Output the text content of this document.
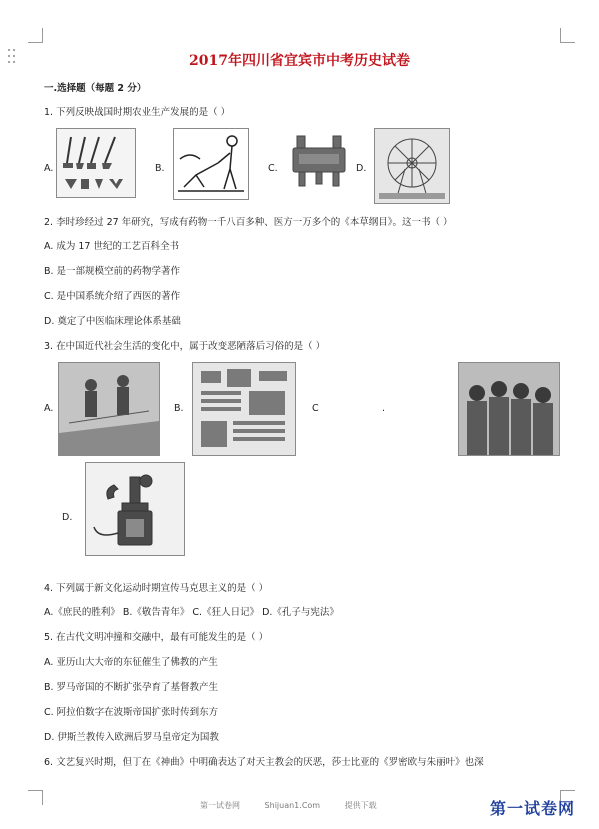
2017年四川省宜宾市中考历史试卷
一.选择题（每题 2 分）
1. 下列反映战国时期农业生产发展的是（ ）
A.	B.	C.	D.
2. 李时珍经过 27 年研究，写成有药物一千八百多种、医方一万多个的《本草纲目》。这一书（ ）
A. 成为 17 世纪的工艺百科全书
B. 是一部规模空前的药物学著作
C. 是中国系统介绍了西医的著作
D. 奠定了中医临床理论体系基础
3. 在中国近代社会生活的变化中，属于改变恶陋落后习俗的是（ ）
A.	B.	C	.
D.
4. 下列属于新文化运动时期宣传马克思主义的是（ ）
A.《庶民的胜利》 B.《敬告青年》 C.《狂人日记》 D.《孔子与宪法》
5. 在古代文明冲撞和交融中，最有可能发生的是（ ）
A. 亚历山大大帝的东征催生了佛教的产生
B. 罗马帝国的不断扩张孕育了基督教产生
C. 阿拉伯数字在波斯帝国扩张时传到东方
D. 伊斯兰教传入欧洲后罗马皇帝定为国教
6. 文艺复兴时期，但丁在《神曲》中明确表达了对天主教会的厌恶，莎士比亚的《罗密欧与朱丽叶》也深
第一试卷网	Shijuan1.Com	提供下载	第一试卷网
